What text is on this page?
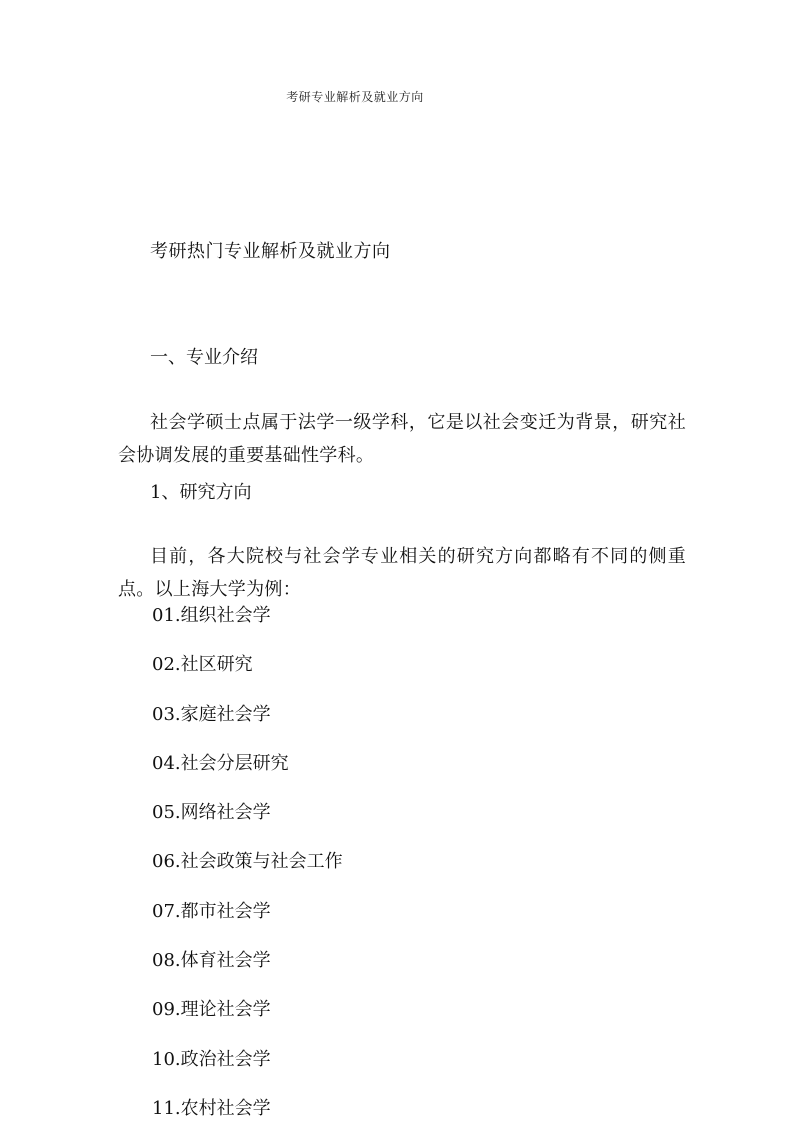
考研专业解析及就业方向
考研热门专业解析及就业方向
一、专业介绍

社会学硕士点属于法学一级学科，它是以社会变迁为背景，研究社会协调发展的重要基础性学科。

1、研究方向

目前，各大院校与社会学专业相关的研究方向都略有不同的侧重点。以上海大学为例：

01.组织社会学
02.社区研究
03.家庭社会学
04.社会分层研究
05.网络社会学
06.社会政策与社会工作
07.都市社会学
08.体育社会学
09.理论社会学
10.政治社会学
11.农村社会学
